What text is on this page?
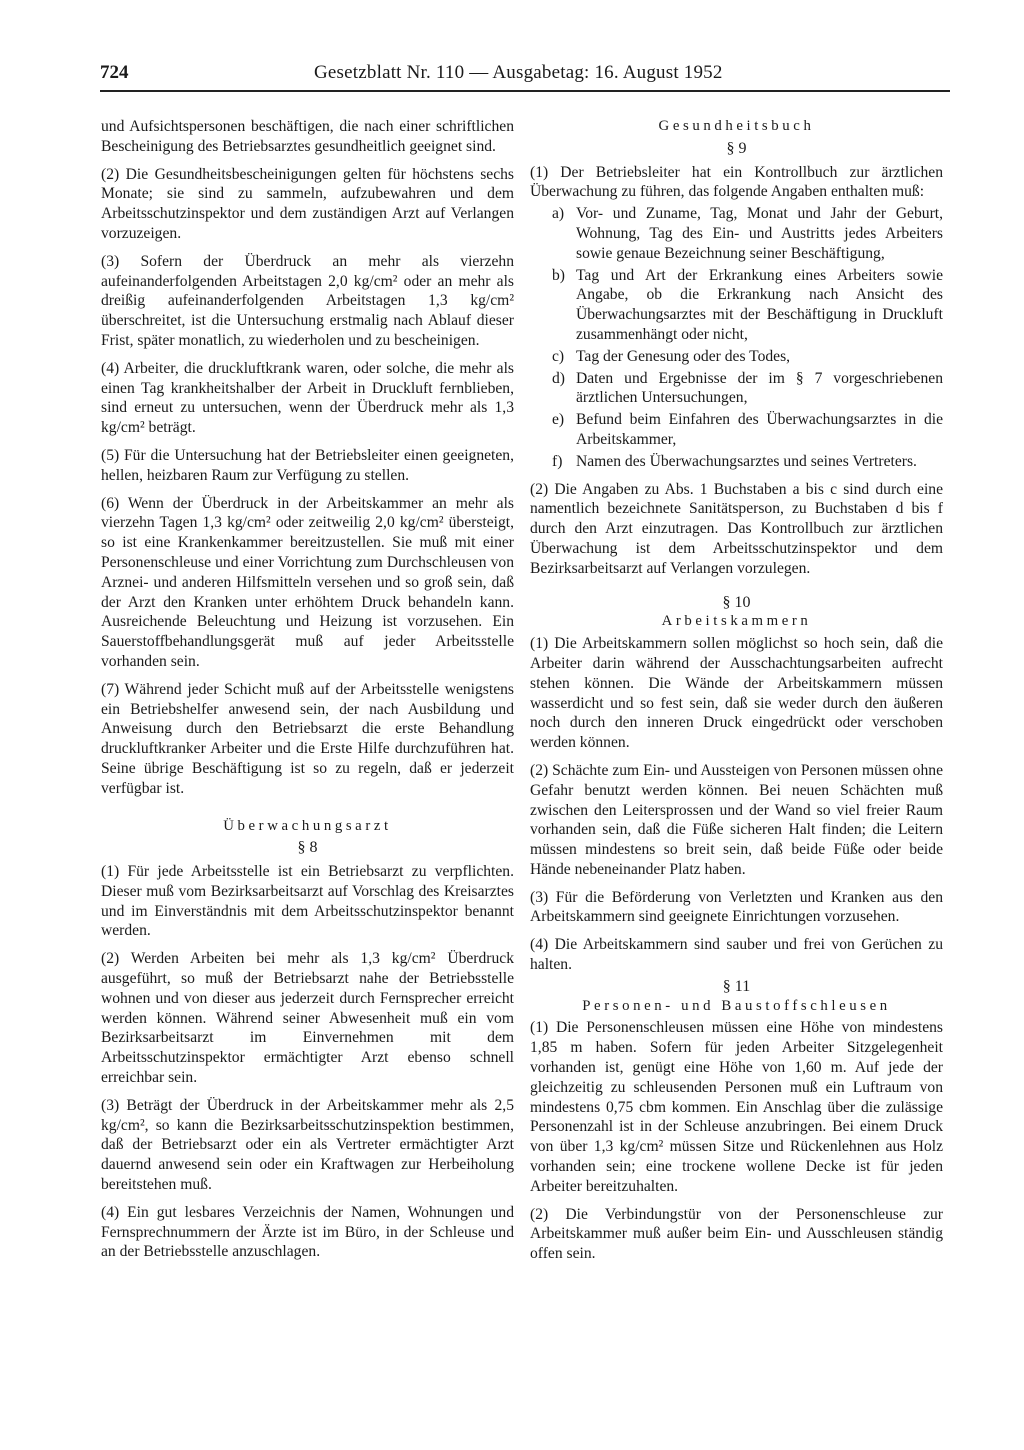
724	Gesetzblatt Nr. 110 — Ausgabetag: 16. August 1952

und Aufsichtspersonen beschäftigen, die nach einer schriftlichen Bescheinigung des Betriebsarztes gesundheitlich geeignet sind.

(2) Die Gesundheitsbescheinigungen gelten für höchstens sechs Monate; sie sind zu sammeln, aufzubewahren und dem Arbeitsschutzinspektor und dem zuständigen Arzt auf Verlangen vorzuzeigen.

(3) Sofern der Überdruck an mehr als vierzehn aufeinanderfolgenden Arbeitstagen 2,0 kg/cm² oder an mehr als dreißig aufeinanderfolgenden Arbeitstagen 1,3 kg/cm² überschreitet, ist die Untersuchung erstmalig nach Ablauf dieser Frist, später monatlich, zu wiederholen und zu bescheinigen.

(4) Arbeiter, die druckluftkrank waren, oder solche, die mehr als einen Tag krankheitshalber der Arbeit in Druckluft fernblieben, sind erneut zu untersuchen, wenn der Überdruck mehr als 1,3 kg/cm² beträgt.

(5) Für die Untersuchung hat der Betriebsleiter einen geeigneten, hellen, heizbaren Raum zur Verfügung zu stellen.

(6) Wenn der Überdruck in der Arbeitskammer an mehr als vierzehn Tagen 1,3 kg/cm² oder zeitweilig 2,0 kg/cm² übersteigt, so ist eine Krankenkammer bereitzustellen. Sie muß mit einer Personenschleuse und einer Vorrichtung zum Durchschleusen von Arznei- und anderen Hilfsmitteln versehen und so groß sein, daß der Arzt den Kranken unter erhöhtem Druck behandeln kann. Ausreichende Beleuchtung und Heizung ist vorzusehen. Ein Sauerstoffbehandlungsgerät muß auf jeder Arbeitsstelle vorhanden sein.

(7) Während jeder Schicht muß auf der Arbeitsstelle wenigstens ein Betriebshelfer anwesend sein, der nach Ausbildung und Anweisung durch den Betriebsarzt die erste Behandlung druckluftkranker Arbeiter und die Erste Hilfe durchzuführen hat. Seine übrige Beschäftigung ist so zu regeln, daß er jederzeit verfügbar ist.

Überwachungsarzt
§ 8

(1) Für jede Arbeitsstelle ist ein Betriebsarzt zu verpflichten. Dieser muß vom Bezirksarbeitsarzt auf Vorschlag des Kreisarztes und im Einverständnis mit dem Arbeitsschutzinspektor benannt werden.

(2) Werden Arbeiten bei mehr als 1,3 kg/cm² Überdruck ausgeführt, so muß der Betriebsarzt nahe der Betriebsstelle wohnen und von dieser aus jederzeit durch Fernsprecher erreicht werden können. Während seiner Abwesenheit muß ein vom Bezirksarbeitsarzt im Einvernehmen mit dem Arbeitsschutzinspektor ermächtigter Arzt ebenso schnell erreichbar sein.

(3) Beträgt der Überdruck in der Arbeitskammer mehr als 2,5 kg/cm², so kann die Bezirksarbeitsschutzinspektion bestimmen, daß der Betriebsarzt oder ein als Vertreter ermächtigter Arzt dauernd anwesend sein oder ein Kraftwagen zur Herbeiholung bereitstehen muß.

(4) Ein gut lesbares Verzeichnis der Namen, Wohnungen und Fernsprechnummern der Ärzte ist im Büro, in der Schleuse und an der Betriebsstelle anzuschlagen.

Gesundheitsbuch
§ 9

(1) Der Betriebsleiter hat ein Kontrollbuch zur ärztlichen Überwachung zu führen, das folgende Angaben enthalten muß:

a) Vor- und Zuname, Tag, Monat und Jahr der Geburt, Wohnung, Tag des Ein- und Austritts jedes Arbeiters sowie genaue Bezeichnung seiner Beschäftigung,
b) Tag und Art der Erkrankung eines Arbeiters sowie Angabe, ob die Erkrankung nach Ansicht des Überwachungsarztes mit der Beschäftigung in Druckluft zusammenhängt oder nicht,
c) Tag der Genesung oder des Todes,
d) Daten und Ergebnisse der im § 7 vorgeschriebenen ärztlichen Untersuchungen,
e) Befund beim Einfahren des Überwachungsarztes in die Arbeitskammer,
f) Namen des Überwachungsarztes und seines Vertreters.

(2) Die Angaben zu Abs. 1 Buchstaben a bis c sind durch eine namentlich bezeichnete Sanitätsperson, zu Buchstaben d bis f durch den Arzt einzutragen. Das Kontrollbuch zur ärztlichen Überwachung ist dem Arbeitsschutzinspektor und dem Bezirksarbeitsarzt auf Verlangen vorzulegen.

§ 10
Arbeitskammern

(1) Die Arbeitskammern sollen möglichst so hoch sein, daß die Arbeiter darin während der Ausschachtungsarbeiten aufrecht stehen können. Die Wände der Arbeitskammern müssen wasserdicht und so fest sein, daß sie weder durch den äußeren noch durch den inneren Druck eingedrückt oder verschoben werden können.

(2) Schächte zum Ein- und Aussteigen von Personen müssen ohne Gefahr benutzt werden können. Bei neuen Schächten muß zwischen den Leitersprossen und der Wand so viel freier Raum vorhanden sein, daß die Füße sicheren Halt finden; die Leitern müssen mindestens so breit sein, daß beide Füße oder beide Hände nebeneinander Platz haben.

(3) Für die Beförderung von Verletzten und Kranken aus den Arbeitskammern sind geeignete Einrichtungen vorzusehen.

(4) Die Arbeitskammern sind sauber und frei von Gerüchen zu halten.

§ 11
Personen- und Baustoffschleusen

(1) Die Personenschleusen müssen eine Höhe von mindestens 1,85 m haben. Sofern für jeden Arbeiter Sitzgelegenheit vorhanden ist, genügt eine Höhe von 1,60 m. Auf jede der gleichzeitig zu schleusenden Personen muß ein Luftraum von mindestens 0,75 cbm kommen. Ein Anschlag über die zulässige Personenzahl ist in der Schleuse anzubringen. Bei einem Druck von über 1,3 kg/cm² müssen Sitze und Rückenlehnen aus Holz vorhanden sein; eine trockene wollene Decke ist für jeden Arbeiter bereitzuhalten.

(2) Die Verbindungstür von der Personenschleuse zur Arbeitskammer muß außer beim Ein- und Ausschleusen ständig offen sein.
